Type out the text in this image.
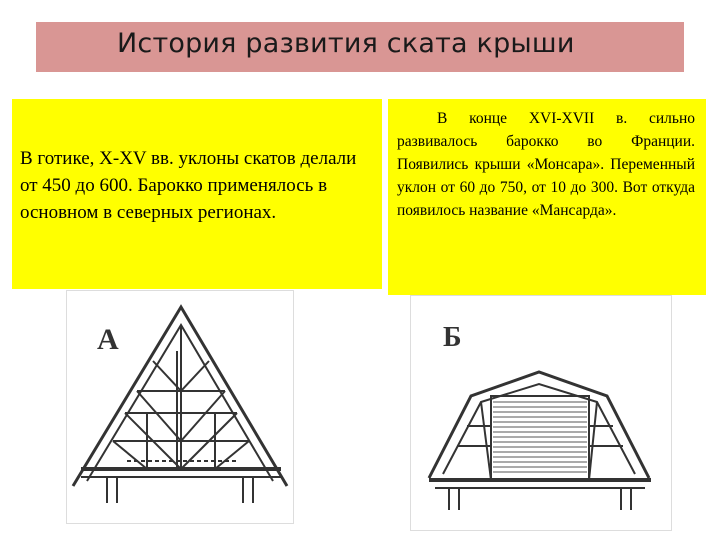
История развития ската крыши
В готике, X-XV вв. уклоны скатов делали от 450 до 600. Барокко применялось в основном в северных регионах.
В конце XVI-XVII в. сильно развивалось барокко во Франции. Появились крыши «Монсара». Переменный уклон от 60 до 750, от 10 до 300. Вот откуда появилось название «Мансарда».
А	Б
